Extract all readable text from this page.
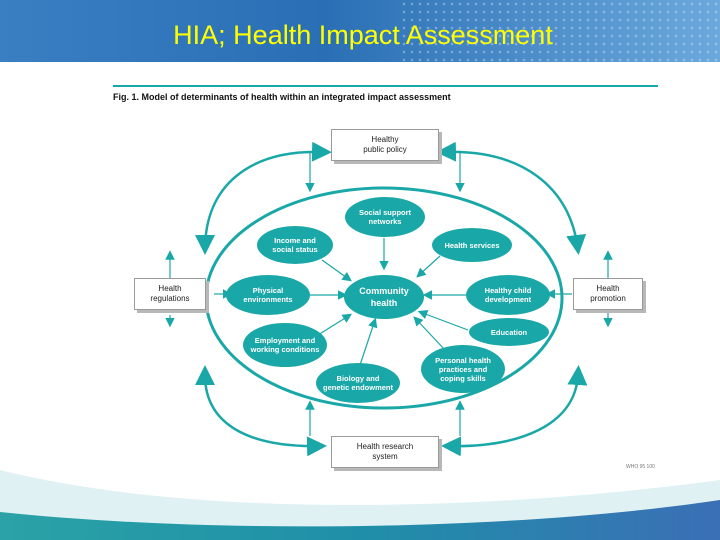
HIA; Health Impact Assessment
Fig. 1. Model of determinants of health within an integrated impact assessment
Social support
networks
Income and
social status	Health services
Physical
environments
Community
health
Healthy child
development
Education
Employment and
working conditions
Personal health
practices and
coping skills
Biology and
genetic endowment
Healthy
public policy
Health
regulations
Health
promotion
Health research
system
WHO 95 100
